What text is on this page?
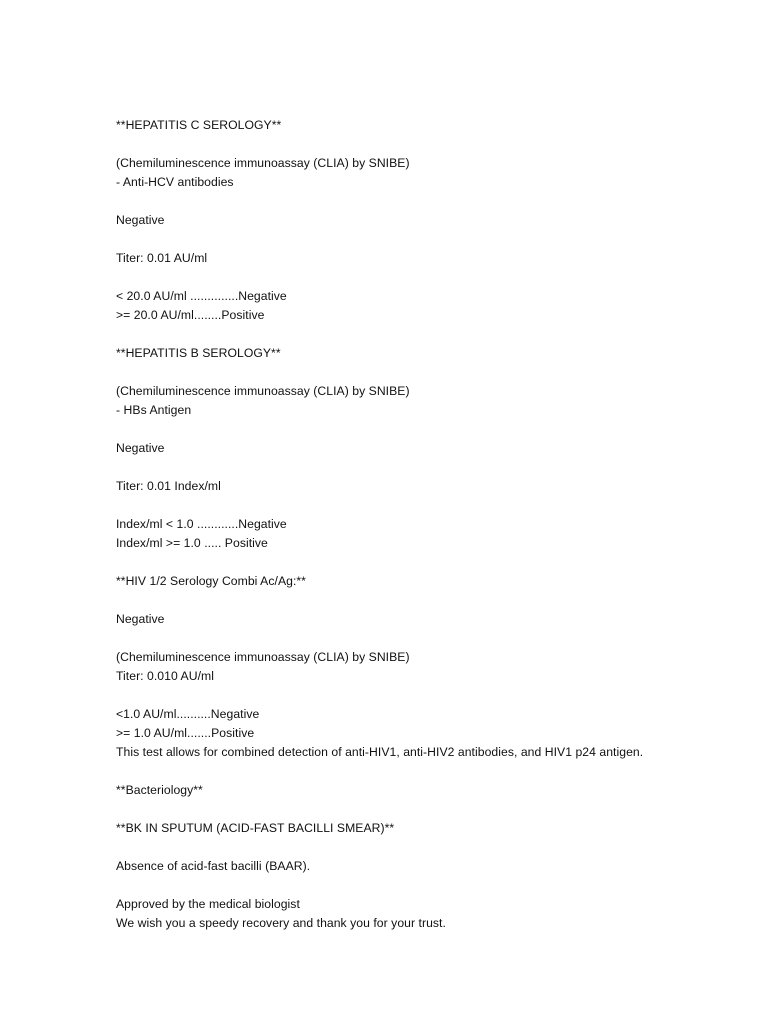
**HEPATITIS C SEROLOGY**
(Chemiluminescence immunoassay (CLIA) by SNIBE)
- Anti-HCV antibodies
Negative
Titer: 0.01 AU/ml
< 20.0 AU/ml ..............Negative
>= 20.0 AU/ml........Positive
**HEPATITIS B SEROLOGY**
(Chemiluminescence immunoassay (CLIA) by SNIBE)
- HBs Antigen
Negative
Titer: 0.01 Index/ml
Index/ml < 1.0 ............Negative
Index/ml >= 1.0 ..... Positive
**HIV 1/2 Serology Combi Ac/Ag:**
Negative
(Chemiluminescence immunoassay (CLIA) by SNIBE)
Titer: 0.010 AU/ml
<1.0 AU/ml..........Negative
>= 1.0 AU/ml.......Positive
This test allows for combined detection of anti-HIV1, anti-HIV2 antibodies, and HIV1 p24 antigen.
**Bacteriology**
**BK IN SPUTUM (ACID-FAST BACILLI SMEAR)**
Absence of acid-fast bacilli (BAAR).
Approved by the medical biologist
We wish you a speedy recovery and thank you for your trust.
